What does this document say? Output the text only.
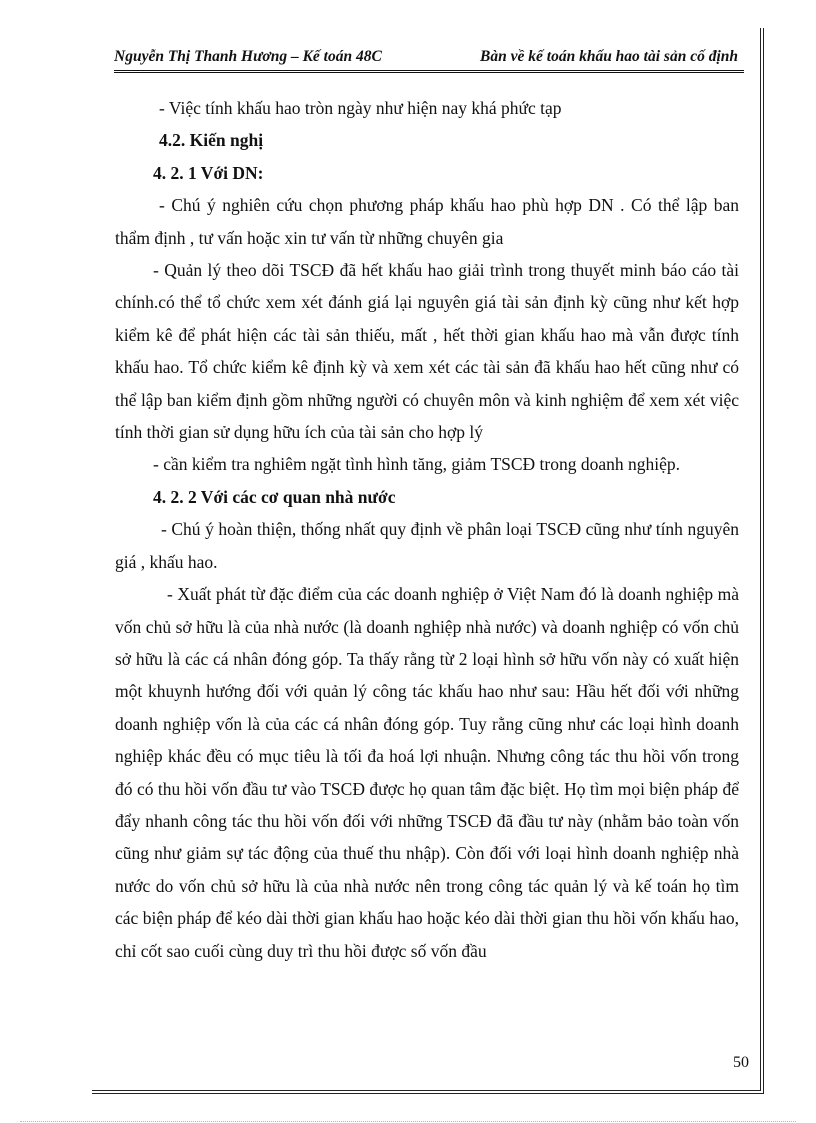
Nguyễn Thị Thanh Hương – Kế toán 48C	Bàn về kế toán khấu hao tài sản cố định

- Việc tính khấu hao tròn ngày như hiện nay khá phức tạp

4.2. Kiến nghị

4. 2. 1 Với DN:

- Chú ý nghiên cứu chọn phương pháp khấu hao phù hợp DN . Có thể lập ban thẩm định , tư vấn hoặc xin tư vấn từ những chuyên gia

- Quản lý theo dõi TSCĐ đã hết khấu hao giải trình trong thuyết minh báo cáo tài chính.có thể tổ chức xem xét đánh giá lại nguyên giá tài sản định kỳ cũng như kết hợp kiểm kê để phát hiện các tài sản thiếu, mất , hết thời gian khấu hao mà vẫn được tính khấu hao. Tổ chức kiểm kê định kỳ và xem xét các tài sản đã khấu hao hết cũng như có thể lập ban kiểm định gồm những người có chuyên môn và kinh nghiệm để xem xét việc tính thời gian sử dụng hữu ích của tài sản cho hợp lý

- cần kiểm tra nghiêm ngặt tình hình tăng, giảm TSCĐ trong doanh nghiệp.

4. 2. 2 Với các cơ quan nhà nước

- Chú ý hoàn thiện, thống nhất quy định về phân loại TSCĐ cũng như tính nguyên giá , khấu hao.

- Xuất phát từ đặc điểm của các doanh nghiệp ở Việt Nam đó là doanh nghiệp mà vốn chủ sở hữu là của nhà nước (là doanh nghiệp nhà nước) và doanh nghiệp có vốn chủ sở hữu là các cá nhân đóng góp. Ta thấy rằng từ 2 loại hình sở hữu vốn này có xuất hiện một khuynh hướng đối với quản lý công tác khấu hao như sau: Hầu hết đối với những doanh nghiệp vốn là của các cá nhân đóng góp. Tuy rằng cũng như các loại hình doanh nghiệp khác đều có mục tiêu là tối đa hoá lợi nhuận. Nhưng công tác thu hồi vốn trong đó có thu hồi vốn đầu tư vào TSCĐ được họ quan tâm đặc biệt. Họ tìm mọi biện pháp để đẩy nhanh công tác thu hồi vốn đối với những TSCĐ đã đầu tư này (nhằm bảo toàn vốn cũng như giảm sự tác động của thuế thu nhập). Còn đối với loại hình doanh nghiệp nhà nước do vốn chủ sở hữu là của nhà nước nên trong công tác quản lý và kế toán họ tìm các biện pháp để kéo dài thời gian khấu hao hoặc kéo dài thời gian thu hồi vốn khấu hao, chỉ cốt sao cuối cùng duy trì thu hồi được số vốn đầu

50
